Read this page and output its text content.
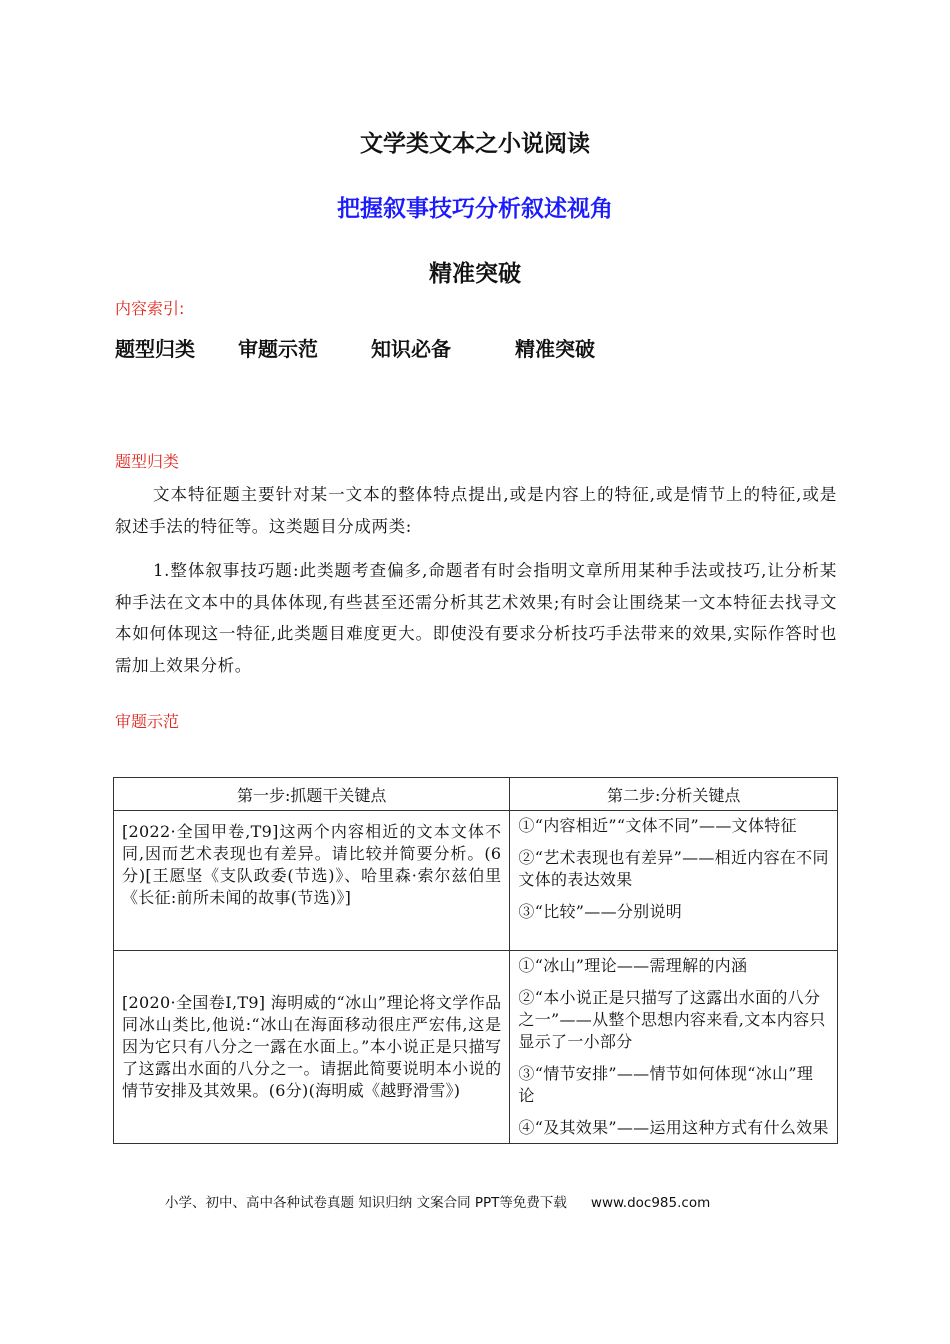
文学类文本之小说阅读
把握叙事技巧分析叙述视角
精准突破
内容索引:
题型归类 审题示范	知识必备	精准突破
题型归类
文本特征题主要针对某一文本的整体特点提出,或是内容上的特征,或是情节上的特征,或是叙述手法的特征等。这类题目分成两类:
1.整体叙事技巧题:此类题考查偏多,命题者有时会指明文章所用某种手法或技巧,让分析某种手法在文本中的具体体现,有些甚至还需分析其艺术效果;有时会让围绕某一文本特征去找寻文本如何体现这一特征,此类题目难度更大。即使没有要求分析技巧手法带来的效果,实际作答时也需加上效果分析。
审题示范
第一步:抓题干关键点	第二步:分析关键点
[2022·全国甲卷,T9]这两个内容相近的文本文体不同,因而艺术表现也有差异。请比较并简要分析。(6分)[王愿坚《支队政委(节选)》、哈里森·索尔兹伯里《长征:前所未闻的故事(节选)》]	①“内容相近”“文体不同”——文体特征

②“艺术表现也有差异”——相近内容在不同文体的表达效果

③“比较”——分别说明

[2020·全国卷Ⅰ,T9] 海明威的“冰山”理论将文学作品同冰山类比,他说:“冰山在海面移动很庄严宏伟,这是因为它只有八分之一露在水面上。”本小说正是只描写了这露出水面的八分之一。请据此简要说明本小说的情节安排及其效果。(6分)(海明威《越野滑雪》)	①“冰山”理论——需理解的内涵

②“本小说正是只描写了这露出水面的八分之一”——从整个思想内容来看,文本内容只显示了一小部分

③“情节安排”——情节如何体现“冰山”理论

④“及其效果”——运用这种方式有什么效果

小学、初中、高中各种试卷真题 知识归纳 文案合同 PPT等免费下载 www.doc985.com
